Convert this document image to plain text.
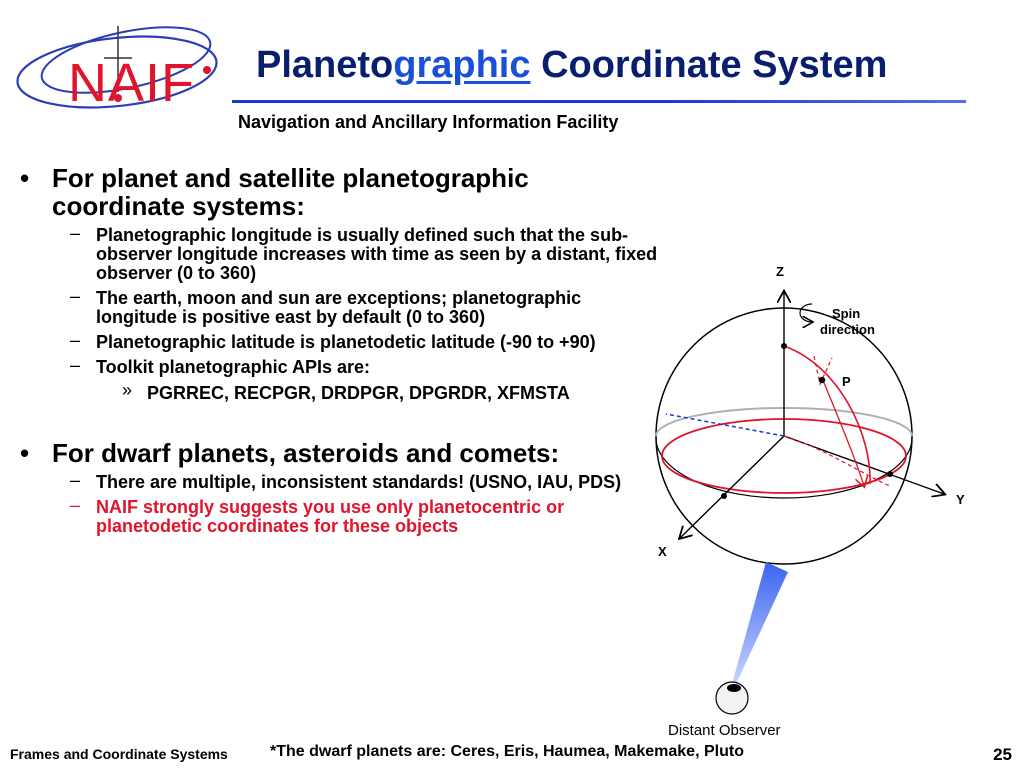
NAIF Planetographic Coordinate System
Navigation and Ancillary Information Facility
• For planet and satellite planetographic coordinate systems:
– Planetographic longitude is usually defined such that the sub-observer longitude increases with time as seen by a distant, fixed observer (0 to 360)
– The earth, moon and sun are exceptions; planetographic longitude is positive east by default (0 to 360)
– Planetographic latitude is planetodetic latitude (-90 to +90)
– Toolkit planetographic APIs are:
» PGRREC, RECPGR, DRDPGR, DPGRDR, XFMSTA
• For dwarf planets, asteroids and comets:
– There are multiple, inconsistent standards! (USNO, IAU, PDS)
– NAIF strongly suggests you use only planetocentric or planetodetic coordinates for these objects
Z
Y
X
Spin
direction
P
Distant Observer
Frames and Coordinate Systems	*The dwarf planets are: Ceres, Eris, Haumea, Makemake, Pluto	25
